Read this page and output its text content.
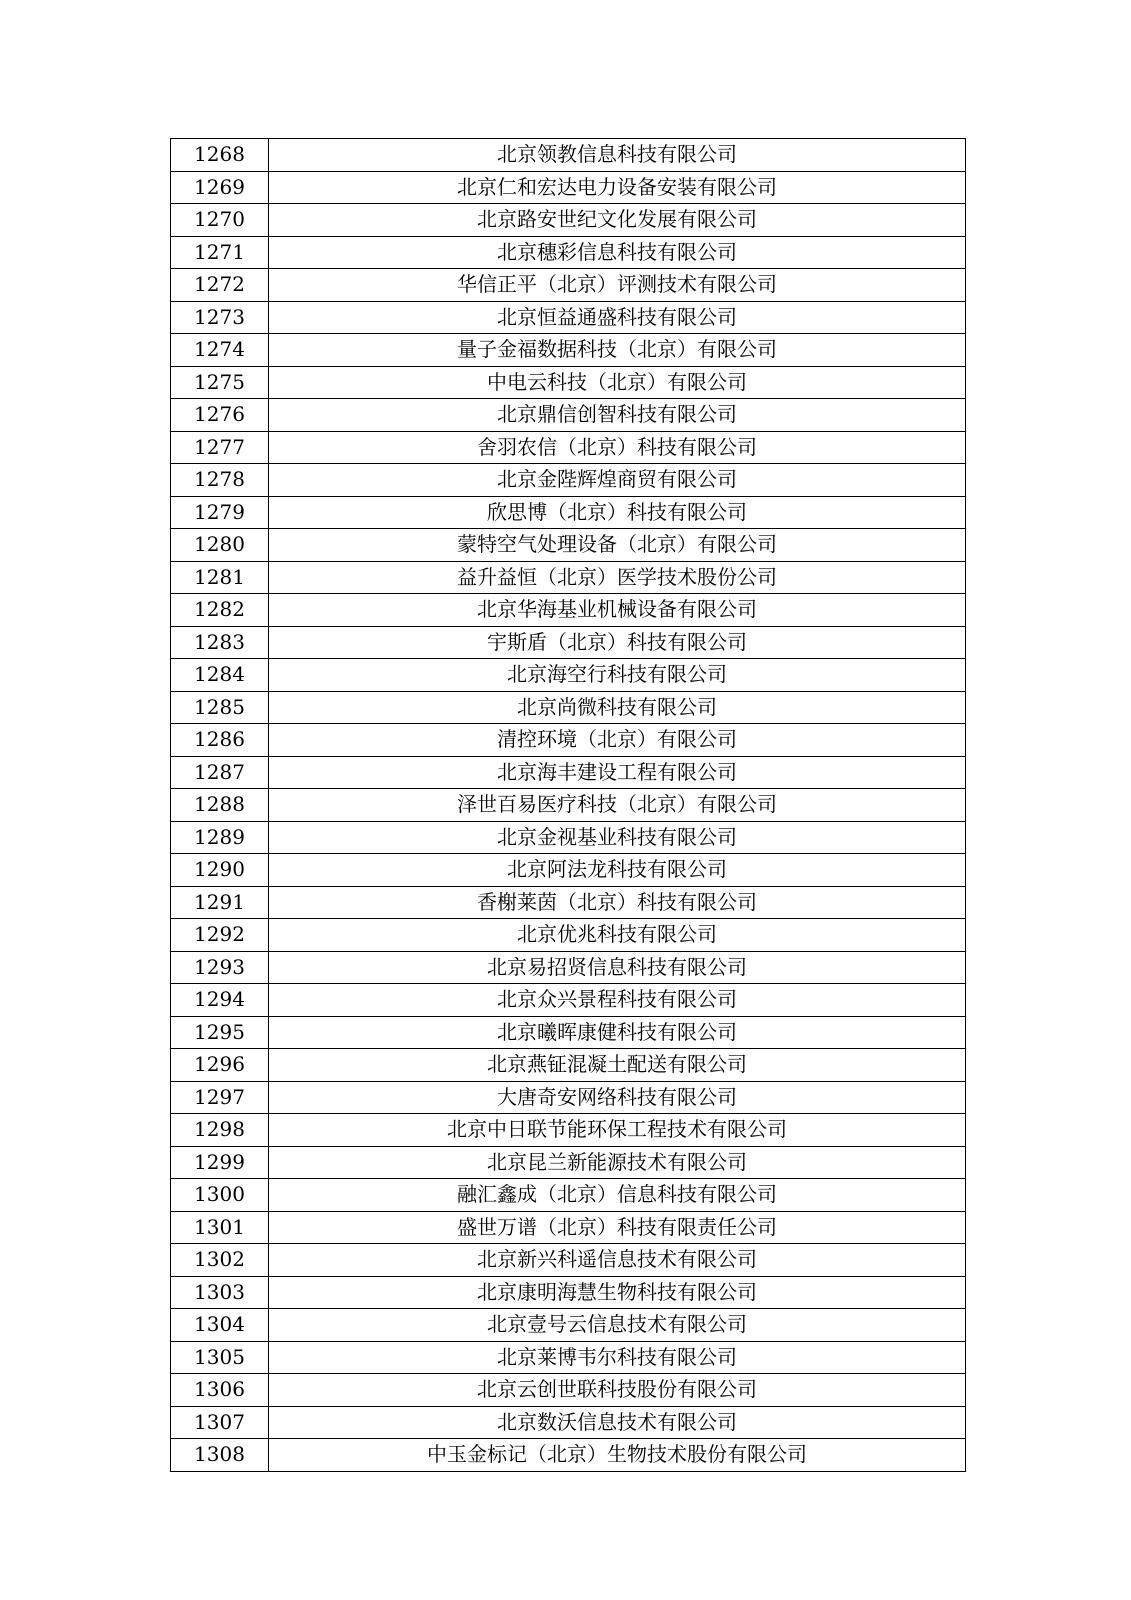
1268	北京领教信息科技有限公司
1269	北京仁和宏达电力设备安装有限公司
1270	北京路安世纪文化发展有限公司
1271	北京穗彩信息科技有限公司
1272	华信正平（北京）评测技术有限公司
1273	北京恒益通盛科技有限公司
1274	量子金福数据科技（北京）有限公司
1275	中电云科技（北京）有限公司
1276	北京鼎信创智科技有限公司
1277	舍羽农信（北京）科技有限公司
1278	北京金陛辉煌商贸有限公司
1279	欣思博（北京）科技有限公司
1280	蒙特空气处理设备（北京）有限公司
1281	益升益恒（北京）医学技术股份公司
1282	北京华海基业机械设备有限公司
1283	宇斯盾（北京）科技有限公司
1284	北京海空行科技有限公司
1285	北京尚微科技有限公司
1286	清控环境（北京）有限公司
1287	北京海丰建设工程有限公司
1288	泽世百易医疗科技（北京）有限公司
1289	北京金视基业科技有限公司
1290	北京阿法龙科技有限公司
1291	香榭莱茵（北京）科技有限公司
1292	北京优兆科技有限公司
1293	北京易招贤信息科技有限公司
1294	北京众兴景程科技有限公司
1295	北京曦晖康健科技有限公司
1296	北京燕钲混凝土配送有限公司
1297	大唐奇安网络科技有限公司
1298	北京中日联节能环保工程技术有限公司
1299	北京昆兰新能源技术有限公司
1300	融汇鑫成（北京）信息科技有限公司
1301	盛世万谱（北京）科技有限责任公司
1302	北京新兴科遥信息技术有限公司
1303	北京康明海慧生物科技有限公司
1304	北京壹号云信息技术有限公司
1305	北京莱博韦尔科技有限公司
1306	北京云创世联科技股份有限公司
1307	北京数沃信息技术有限公司
1308	中玉金标记（北京）生物技术股份有限公司
